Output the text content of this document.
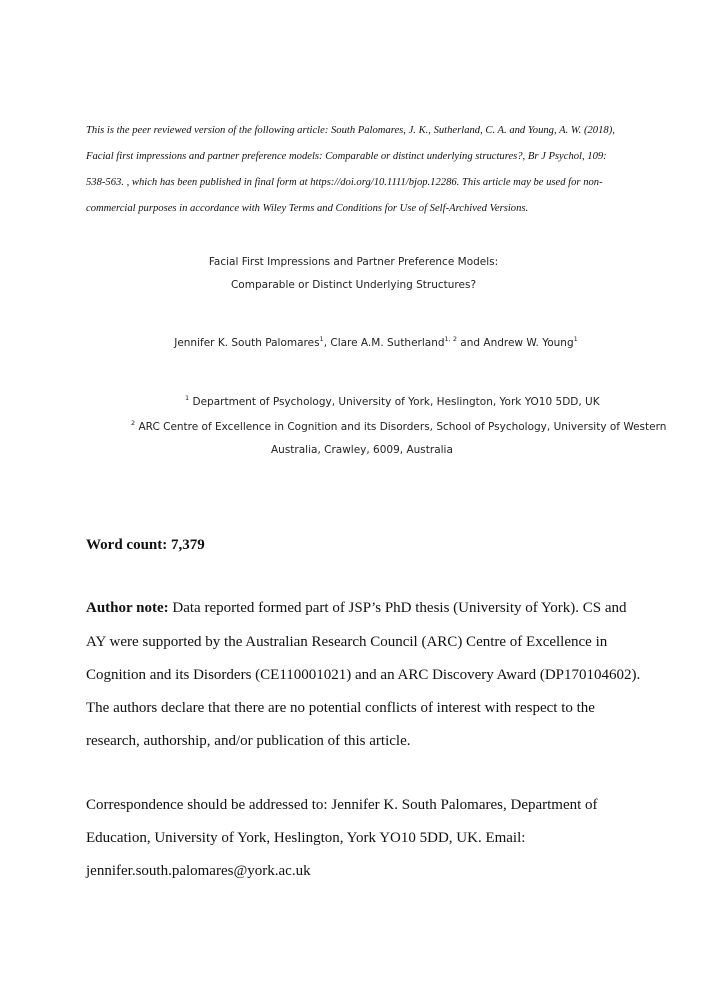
This is the peer reviewed version of the following article: South Palomares, J. K., Sutherland, C. A. and Young, A. W. (2018),

Facial first impressions and partner preference models: Comparable or distinct underlying structures?, Br J Psychol, 109:

538-563. , which has been published in final form at https://doi.org/10.1111/bjop.12286. This article may be used for non-

commercial purposes in accordance with Wiley Terms and Conditions for Use of Self-Archived Versions.

Facial First Impressions and Partner Preference Models:
Comparable or Distinct Underlying Structures?
Jennifer K. South Palomares$^1$, Clare A.M. Sutherland$^{1, 2}$ and Andrew W. Young$^1$
$^1$ Department of Psychology, University of York, Heslington, York YO10 5DD, UK
$^2$ ARC Centre of Excellence in Cognition and its Disorders, School of Psychology, University of Western
Australia, Crawley, 6009, Australia
Word count: 7,379
Author note: Data reported formed part of JSP’s PhD thesis (University of York). CS and
AY were supported by the Australian Research Council (ARC) Centre of Excellence in
Cognition and its Disorders (CE110001021) and an ARC Discovery Award (DP170104602).
The authors declare that there are no potential conflicts of interest with respect to the
research, authorship, and/or publication of this article.
Correspondence should be addressed to: Jennifer K. South Palomares, Department of
Education, University of York, Heslington, York YO10 5DD, UK. Email:
jennifer.south.palomares@york.ac.uk
